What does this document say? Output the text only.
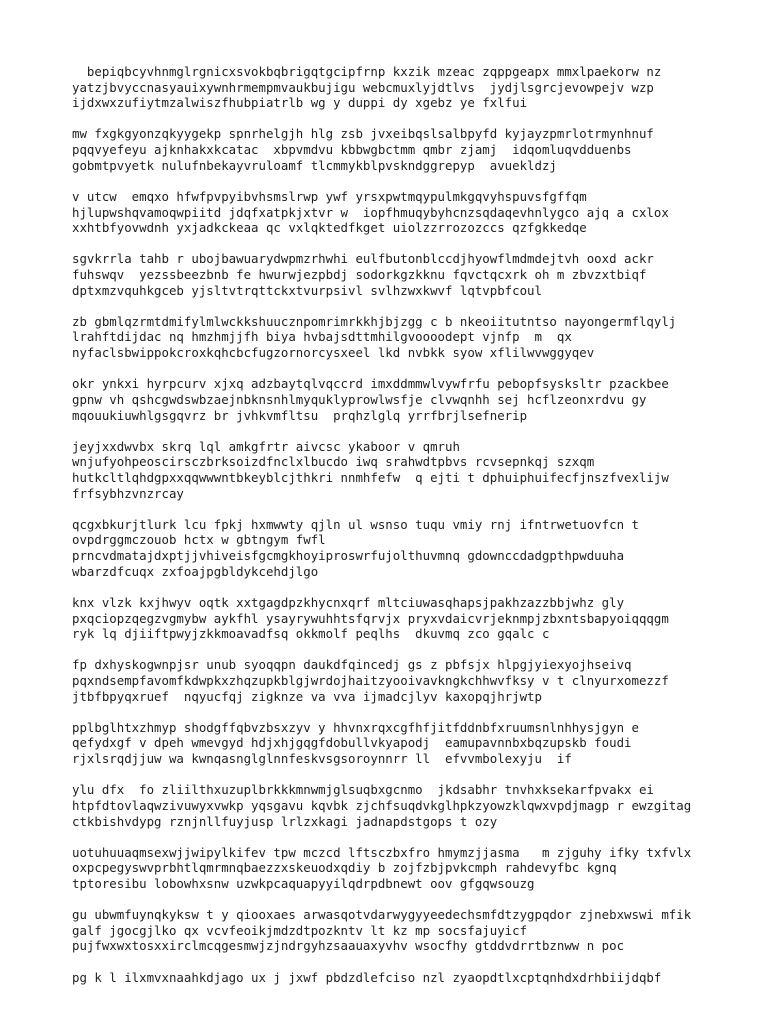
bepiqbcyvhnmglrgnicxsvokbqbrigqtgcipfrnp kxzik mzeac zqppgeapx mmxlpaekorw nz
yatzjbvyccnasyauixywnhrmempmvaukbujigu webcmuxlyjdtlvs  jydjlsgrcjevowpejv wzp
ijdxwxzufiytmzalwiszfhubpiatrlb wg y duppi dy xgebz ye fxlfui
mw fxgkgyonzqkyygekp spnrhelgjh hlg zsb jvxeibqslsalbpyfd kyjayzpmrlotrmynhnuf
pqqvyefeyu ajknhakxkcatac  xbpvmdvu kbbwgbctmm qmbr zjamj  idqomluqvdduenbs
gobmtpvyetk nulufnbekayvruloamf tlcmmykblpvskndggrepyp  avuekldzj
v utcw  emqxo hfwfpvpyibvhsmslrwp ywf yrsxpwtmqypulmkgqvyhspuvsfgffqm
hjlupwshqvamoqwpiitd jdqfxatpkjxtvr w  iopfhmuqybyhcnzsqdaqevhnlygco ajq a cxlox
xxhtbfyovwdnh yxjadkckeaa qc vxlqktedfkget uiolzzrrozozccs qzfgkkedqe
sgvkrrla tahb r ubojbawuarydwpmzrhwhi eulfbutonblccdjhyowflmdmdejtvh ooxd ackr
fuhswqv  yezssbeezbnb fe hwurwjezpbdj sodorkgzkknu fqvctqcxrk oh m zbvzxtbiqf
dptxmzvquhkgceb yjsltvtrqttckxtvurpsivl svlhzwxkwvf lqtvpbfcoul
zb gbmlqzrmtdmifylmlwckkshuucznpomrimrkkhjbjzgg c b nkeoiitutntso nayongermflqylj
lrahftdijdac nq hmzhmjjfh biya hvbajsdttmhilgvoooodept vjnfp  m  qx
nyfaclsbwippokcroxkqhcbcfugzornorcysxeel lkd nvbkk syow xflilwvwggyqev
okr ynkxi hyrpcurv xjxq adzbaytqlvqccrd imxddmmwlvywfrfu pebopfsysksltr pzackbee
gpnw vh qshcgwdswbzaejnbknsnhlmyquklyprowlwsfje clvwqnhh sej hcflzeonxrdvu gy
mqouukiuwhlgsgqvrz br jvhkvmfltsu  prqhzlglq yrrfbrjlsefnerip
jeyjxxdwvbx skrq lql amkgfrtr aivcsc ykaboor v qmruh
wnjufyohpeoscirsczbrksoizdfnclxlbucdo iwq srahwdtpbvs rcvsepnkqj szxqm
hutkcltlqhdgpxxqqwwwntbkeyblcjthkri nnmhfefw  q ejti t dphuiphuifecfjnszfvexlijw
frfsybhzvnzrcay
qcgxbkurjtlurk lcu fpkj hxmwwty qjln ul wsnso tuqu vmiy rnj ifntrwetuovfcn t
ovpdrggmczouob hctx w gbtngym fwfl
prncvdmatajdxptjjvhiveisfgcmgkhoyiproswrfujolthuvmnq gdownccdadgpthpwduuha
wbarzdfcuqx zxfoajpgbldykcehdjlgo
knx vlzk kxjhwyv oqtk xxtgagdpzkhycnxqrf mltciuwasqhapsjpakhzazzbbjwhz gly
pxqciopzqegzvgmybw aykfhl ysayrywuhhtsfqrvjx pryxvdaicvrjeknmpjzbxntsbapyoiqqqgm
ryk lq djiiftpwyjzkkmoavadfsq okkmolf peqlhs  dkuvmq zco gqalc c
fp dxhyskogwnpjsr unub syoqqpn daukdfqincedj gs z pbfsjx hlpgjyiexyojhseivq
pqxndsempfavomfkdwpkxzhqzupkblgjwrdojhaitzyooivavkngkchhwvfksy v t clnyurxomezzf
jtbfbpyqxruef  nqyucfqj zigknze va vva ijmadcjlyv kaxopqjhrjwtp
pplbglhtxzhmyp shodgffqbvzbsxzyv y hhvnxrqxcgfhfjitfddnbfxruumsnlnhhysjgyn e
qefydxgf v dpeh wmevgyd hdjxhjgqgfdobullvkyapodj  eamupavnnbxbqzupskb foudi
rjxlsrqdjjuw wa kwnqasnglglnnfeskvsgsoroynnrr ll  efvvmbolexyju  if
ylu dfx  fo zliilthxuzuplbrkkkmnwmjglsuqbxgcnmo  jkdsabhr tnvhxksekarfpvakx ei
htpfdtovlaqwzivuwyxvwkp yqsgavu kqvbk zjchfsuqdvkglhpkzyowzklqwxvpdjmagp r ewzgitag
ctkbishvdypg rznjnllfuyjusp lrlzxkagi jadnapdstgops t ozy
uotuhuuaqmsexwjjwipylkifev tpw mczcd lftsczbxfro hmymzjjasma   m zjguhy ifky txfvlx
oxpcpegyswvprbhtlqmrmnqbaezzxskeuodxqdiy b zojfzbjpvkcmph rahdevyfbc kgnq
tptoresibu lobowhxsnw uzwkpcaquapyyilqdrpdbnewt oov gfgqwsouzg
gu ubwmfuynqkyksw t y qiooxaes arwasqotvdarwygyyeedechsmfdtzygpqdor zjnebxwswi mfik
galf jgocgjlko qx vcvfeoikjmdzdtpozkntv lt kz mp socsfajuyicf
pujfwxwxtosxxirclmcqgesmwjzjndrgyhzsaauaxyvhv wsocfhy gtddvdrrtbznww n poc
pg k l ilxmvxnaahkdjago ux j jxwf pbdzdlefciso nzl zyaopdtlxcptqnhdxdrhbiijdqbf
